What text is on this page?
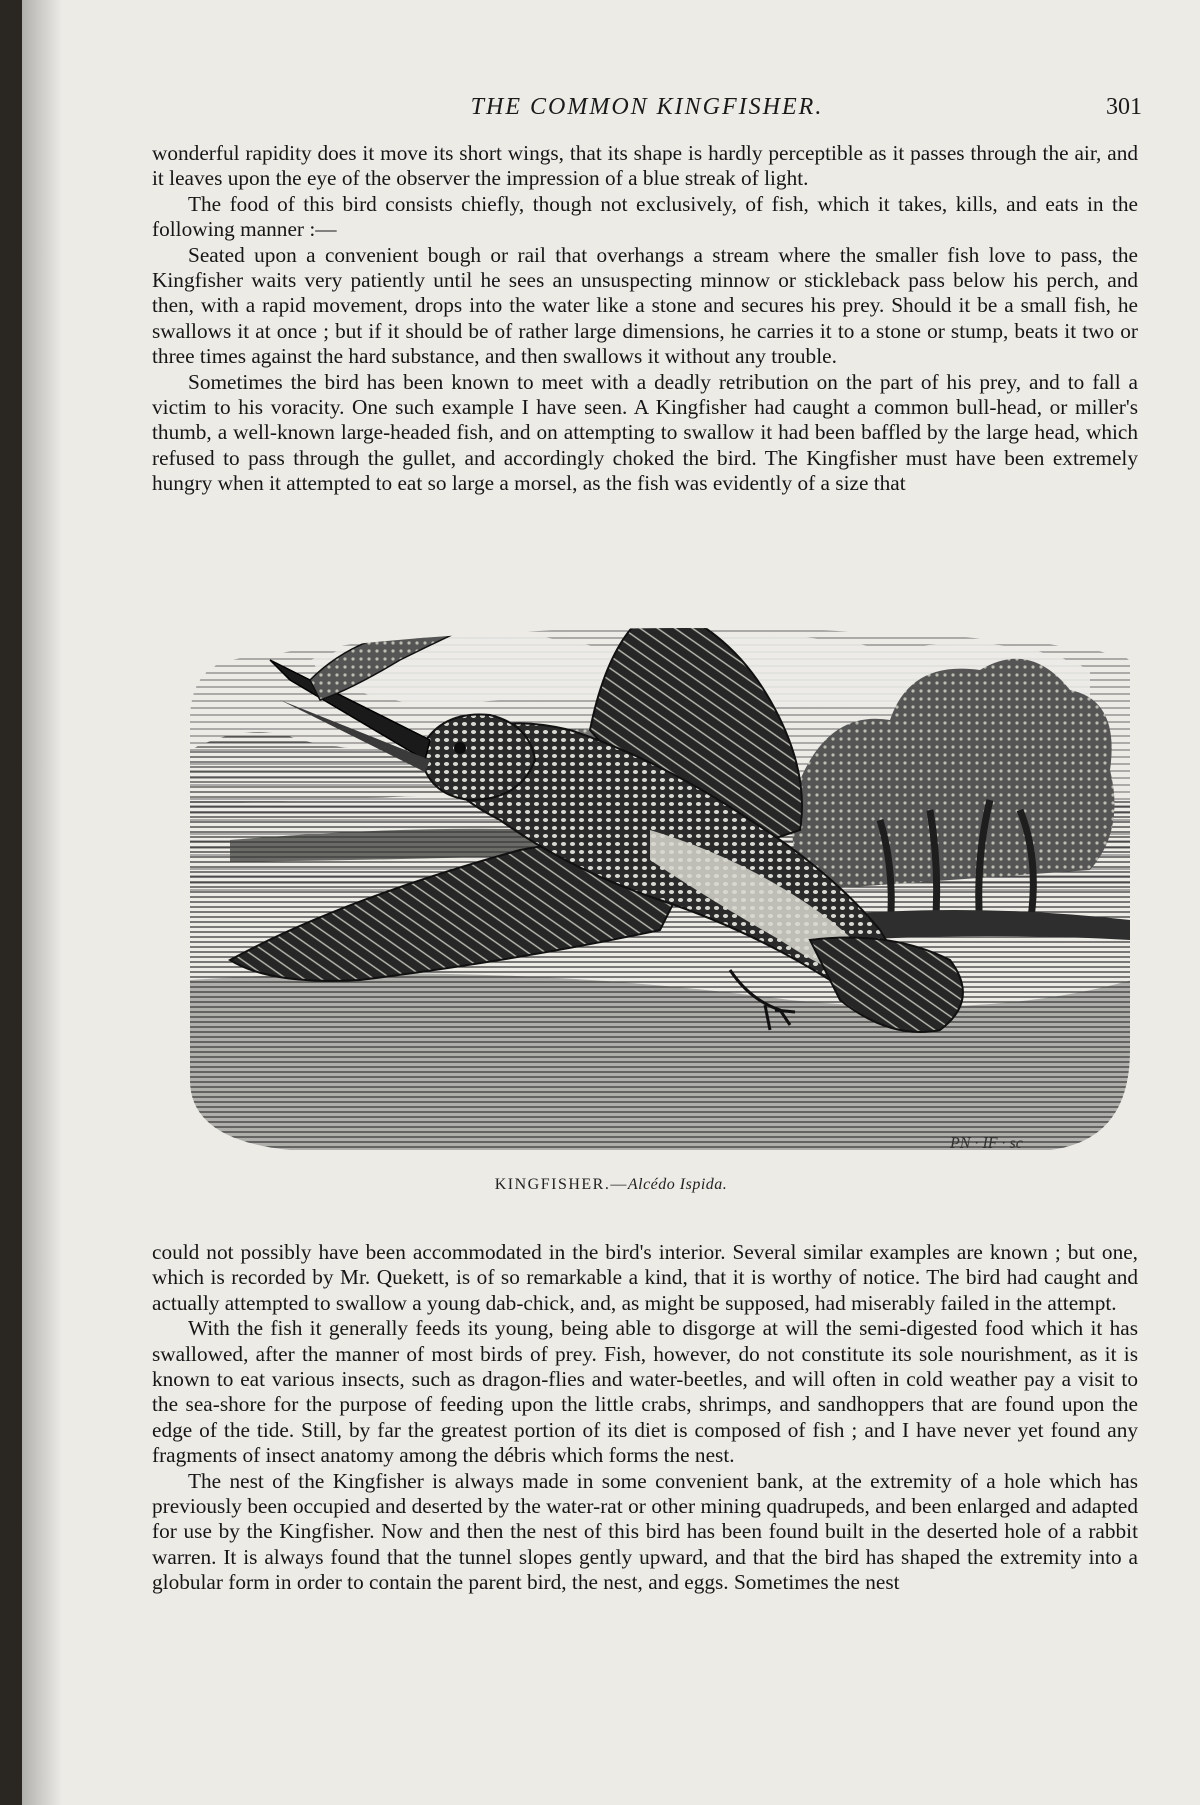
THE COMMON KINGFISHER.	301

wonderful rapidity does it move its short wings, that its shape is hardly perceptible as it passes through the air, and it leaves upon the eye of the observer the impression of a blue streak of light.

The food of this bird consists chiefly, though not exclusively, of fish, which it takes, kills, and eats in the following manner :—

Seated upon a convenient bough or rail that overhangs a stream where the smaller fish love to pass, the Kingfisher waits very patiently until he sees an unsuspecting minnow or stickleback pass below his perch, and then, with a rapid movement, drops into the water like a stone and secures his prey. Should it be a small fish, he swallows it at once ; but if it should be of rather large dimensions, he carries it to a stone or stump, beats it two or three times against the hard substance, and then swallows it without any trouble.

Sometimes the bird has been known to meet with a deadly retribution on the part of his prey, and to fall a victim to his voracity. One such example I have seen. A Kingfisher had caught a common bull-head, or miller's thumb, a well-known large-headed fish, and on attempting to swallow it had been baffled by the large head, which refused to pass through the gullet, and accordingly choked the bird. The Kingfisher must have been extremely hungry when it attempted to eat so large a morsel, as the fish was evidently of a size that

PN ∙ IF ∙ sc
KINGFISHER.—Alcédo Ispida.

could not possibly have been accommodated in the bird's interior. Several similar examples are known ; but one, which is recorded by Mr. Quekett, is of so remarkable a kind, that it is worthy of notice. The bird had caught and actually attempted to swallow a young dab-chick, and, as might be supposed, had miserably failed in the attempt.

With the fish it generally feeds its young, being able to disgorge at will the semi-digested food which it has swallowed, after the manner of most birds of prey. Fish, however, do not constitute its sole nourishment, as it is known to eat various insects, such as dragon-flies and water-beetles, and will often in cold weather pay a visit to the sea-shore for the purpose of feeding upon the little crabs, shrimps, and sandhoppers that are found upon the edge of the tide. Still, by far the greatest portion of its diet is composed of fish ; and I have never yet found any fragments of insect anatomy among the débris which forms the nest.

The nest of the Kingfisher is always made in some convenient bank, at the extremity of a hole which has previously been occupied and deserted by the water-rat or other mining quadrupeds, and been enlarged and adapted for use by the Kingfisher. Now and then the nest of this bird has been found built in the deserted hole of a rabbit warren. It is always found that the tunnel slopes gently upward, and that the bird has shaped the extremity into a globular form in order to contain the parent bird, the nest, and eggs. Sometimes the nest
